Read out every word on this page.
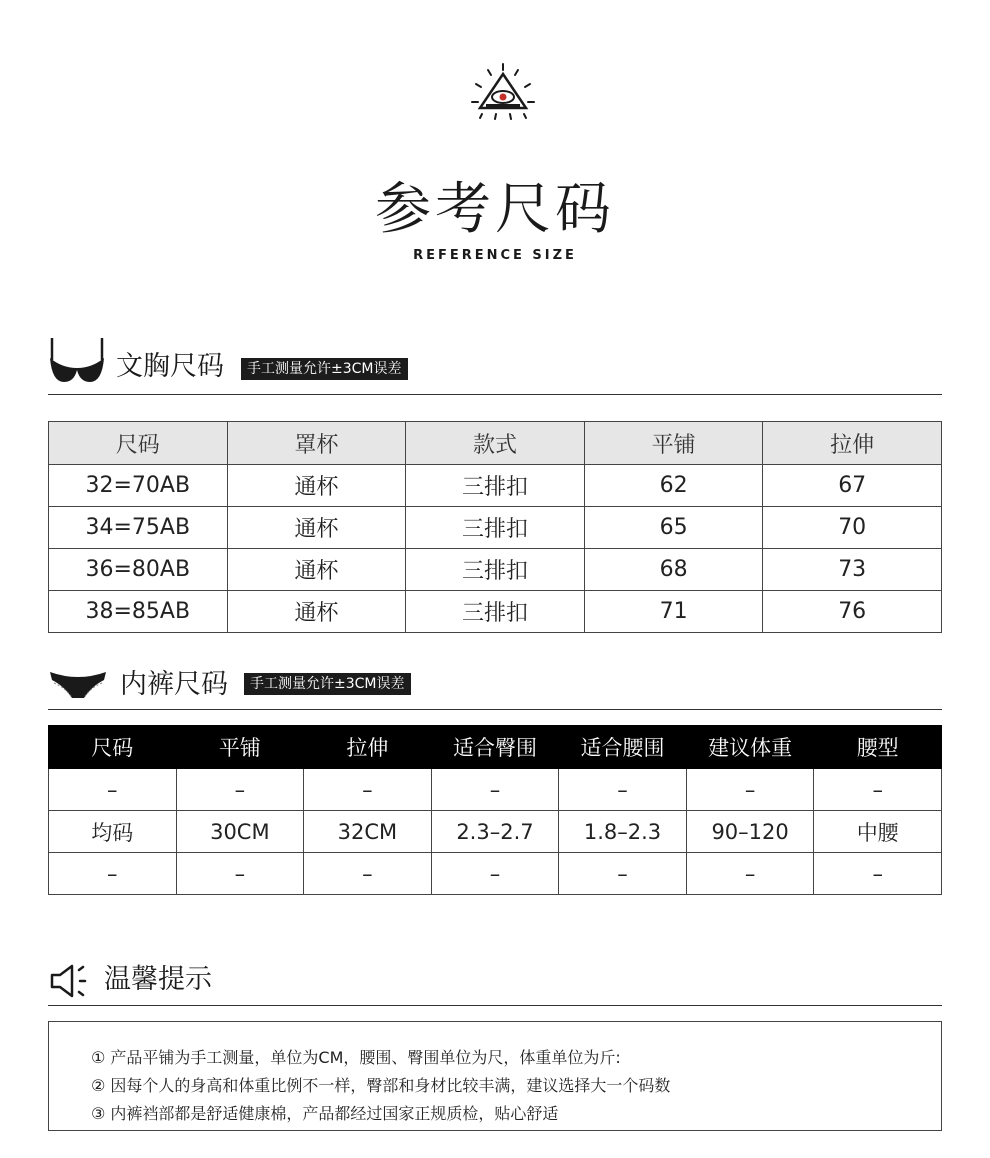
参考尺码
REFERENCE SIZE
文胸尺码	手工测量允许±3CM误差
尺码	罩杯	款式	平铺	拉伸
32=70AB	通杯	三排扣	62	67
34=75AB	通杯	三排扣	65	70
36=80AB	通杯	三排扣	68	73
38=85AB	通杯	三排扣	71	76
内裤尺码	手工测量允许±3CM误差
尺码	平铺	拉伸	适合臀围	适合腰围	建议体重	腰型
–	–	–	–	–	–	–
均码	30CM	32CM	2.3–2.7	1.8–2.3	90–120	中腰
–	–	–	–	–	–	–
温馨提示

① 产品平铺为手工测量，单位为CM，腰围、臀围单位为尺，体重单位为斤:

② 因每个人的身高和体重比例不一样，臀部和身材比较丰满，建议选择大一个码数

③ 内裤裆部都是舒适健康棉，产品都经过国家正规质检，贴心舒适
